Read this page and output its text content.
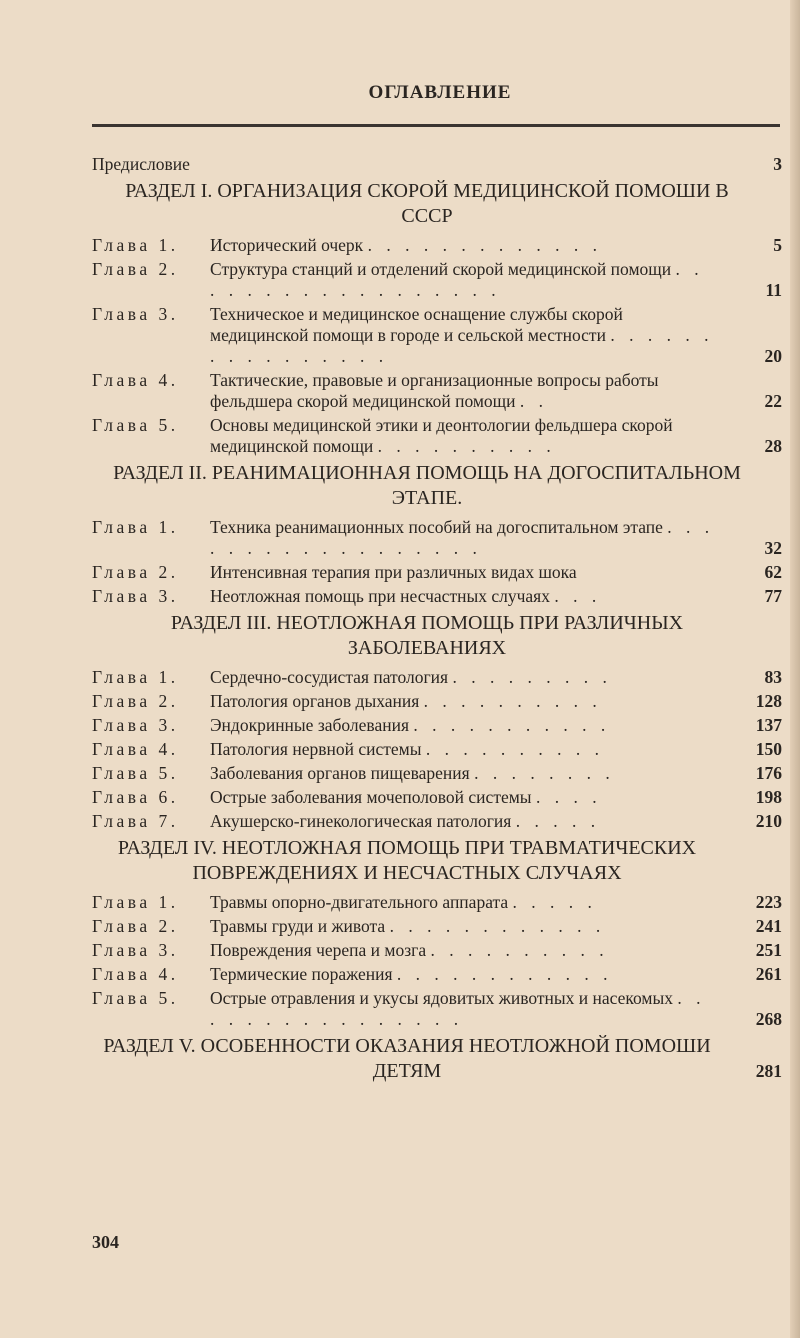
ОГЛАВЛЕНИЕ
Предисловие	3
РАЗДЕЛ I. ОРГАНИЗАЦИЯ СКОРОЙ МЕДИЦИНСКОЙ ПОМОШИ В СССР
Глава 1. Исторический очерк . . . . . . . . . . . . .	5
Глава 2. Структура станций и отделений скорой медицинской помощи . . . . . . . . . . . . . . . . . .	11
Глава 3. Техническое и медицинское оснащение службы скорой медицинской помощи в городе и сельской местности . . . . . . . . . . . . . . . .	20
Глава 4. Тактические, правовые и организационные вопросы работы фельдшера скорой медицинской помощи . .	22
Глава 5. Основы медицинской этики и деонтологии фельдшера скорой медицинской помощи . . . . . . . . . .	28
РАЗДЕЛ II. РЕАНИМАЦИОННАЯ ПОМОЩЬ НА ДОГОСПИТАЛЬНОМ ЭТАПЕ.
Глава 1. Техника реанимационных пособий на догоспитальном этапе . . . . . . . . . . . . . . . . . .	32
Глава 2. Интенсивная терапия при различных видах шока	62
Глава 3. Неотложная помощь при несчастных случаях . . .	77
РАЗДЕЛ III. НЕОТЛОЖНАЯ ПОМОЩЬ ПРИ РАЗЛИЧНЫХ ЗАБОЛЕВАНИЯХ
Глава 1. Сердечно-сосудистая патология . . . . . . . . .	83
Глава 2. Патология органов дыхания . . . . . . . . . .	128
Глава 3. Эндокринные заболевания . . . . . . . . . . .	137
Глава 4. Патология нервной системы . . . . . . . . . .	150
Глава 5. Заболевания органов пищеварения . . . . . . . .	176
Глава 6. Острые заболевания мочеполовой системы . . . .	198
Глава 7. Акушерско-гинекологическая патология . . . . .	210
РАЗДЕЛ IV. НЕОТЛОЖНАЯ ПОМОЩЬ ПРИ ТРАВМАТИЧЕСКИХ ПОВРЕЖДЕНИЯХ И НЕСЧАСТНЫХ СЛУЧАЯХ
Глава 1. Травмы опорно-двигательного аппарата . . . . .	223
Глава 2. Травмы груди и живота . . . . . . . . . . . .	241
Глава 3. Повреждения черепа и мозга . . . . . . . . . .	251
Глава 4. Термические поражения . . . . . . . . . . . .	261
Глава 5. Острые отравления и укусы ядовитых животных и насекомых . . . . . . . . . . . . . . . .	268
РАЗДЕЛ V. ОСОБЕННОСТИ ОКАЗАНИЯ НЕОТЛОЖНОЙ ПОМОШИ ДЕТЯМ	281
304
